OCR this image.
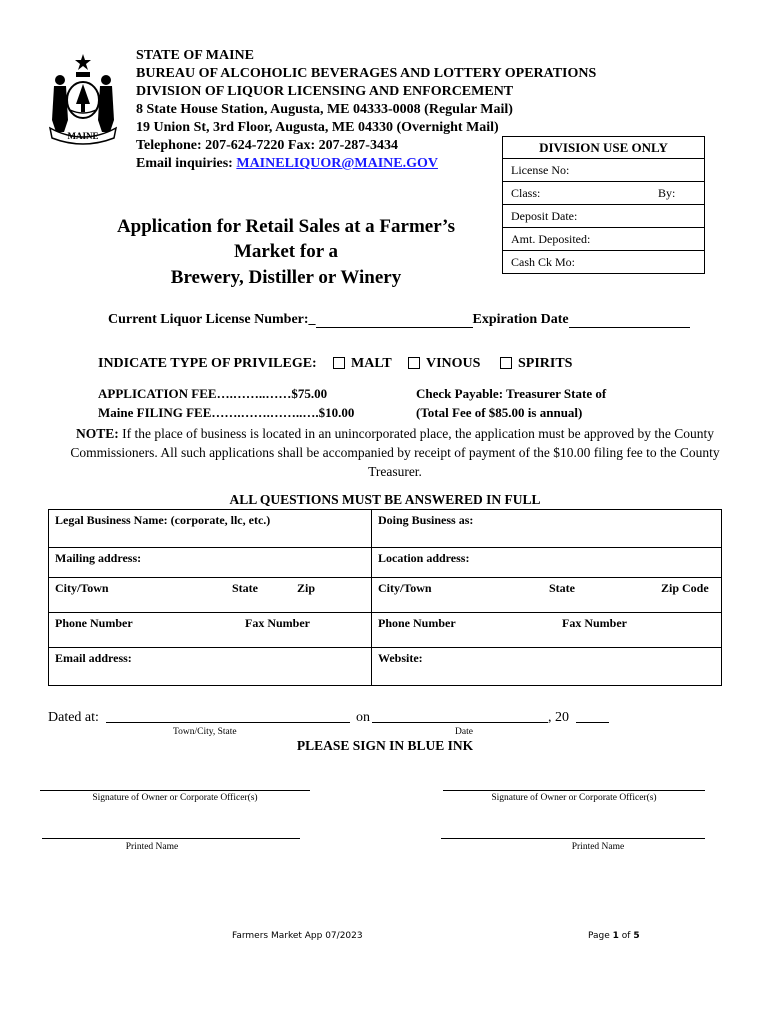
MAINE
STATE OF MAINE
BUREAU OF ALCOHOLIC BEVERAGES AND LOTTERY OPERATIONS
DIVISION OF LIQUOR LICENSING AND ENFORCEMENT
8 State House Station, Augusta, ME 04333-0008 (Regular Mail)
19 Union St, 3rd Floor, Augusta, ME 04330 (Overnight Mail)
Telephone: 207-624-7220 Fax: 207-287-3434
Email inquiries: MAINELIQUOR@MAINE.GOV
DIVISION USE ONLY
License No:
Class:	By:
Deposit Date:
Amt. Deposited:
Cash Ck Mo:
Application for Retail Sales at a Farmer’s
Market for a
Brewery, Distiller or Winery
Current Liquor License Number:_	Expiration Date
INDICATE TYPE OF PRIVILEGE:	MALT	VINOUS	SPIRITS
APPLICATION FEE….……..……$75.00
Maine FILING FEE…….…….……..….$10.00
Check Payable: Treasurer State of
(Total Fee of $85.00 is annual)
NOTE: If the place of business is located in an unincorporated place, the application must be approved by the County Commissioners. All such applications shall be accompanied by receipt of payment of the $10.00 filing fee to the County Treasurer.
ALL QUESTIONS MUST BE ANSWERED IN FULL
Legal Business Name: (corporate, llc, etc.)	Doing Business as:
Mailing address:	Location address:

City/Town State Zip	City/Town State Zip Code

Phone Number Fax Number	Phone Number Fax Number

Email address:	Website:
Dated at:	on	, 20
Town/City, State	Date
PLEASE SIGN IN BLUE INK
Signature of Owner or Corporate Officer(s)	Signature of Owner or Corporate Officer(s)
Printed Name	Printed Name
Farmers Market App 07/2023	Page 1 of 5
